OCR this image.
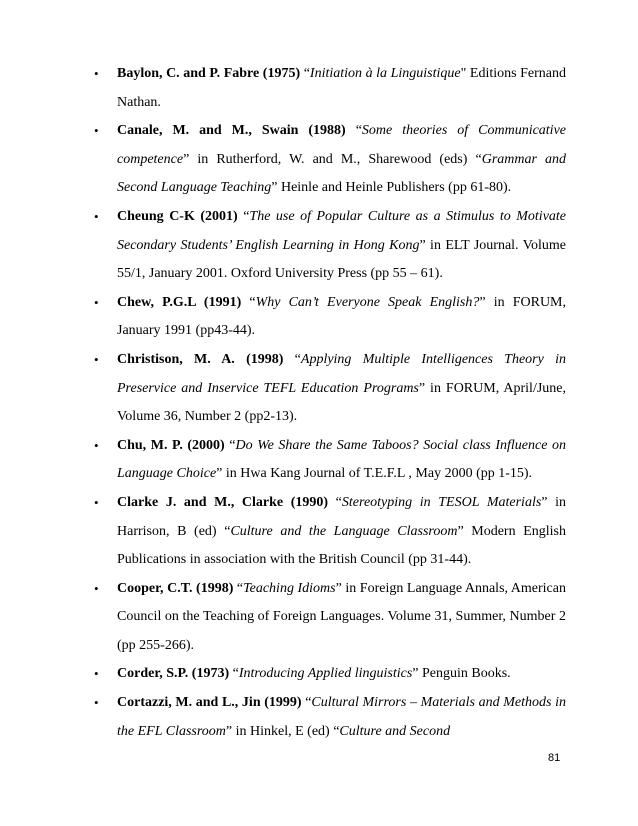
• Baylon, C. and P. Fabre (1975) “Initiation à la Linguistique" Editions Fernand Nathan.
• Canale, M. and M., Swain (1988) “Some theories of Communicative competence” in Rutherford, W. and M., Sharewood (eds) “Grammar and Second Language Teaching” Heinle and Heinle Publishers (pp 61-80).
• Cheung C-K (2001) “The use of Popular Culture as a Stimulus to Motivate Secondary Students’ English Learning in Hong Kong” in ELT Journal. Volume 55/1, January 2001. Oxford University Press (pp 55 – 61).
• Chew, P.G.L (1991) “Why Can’t Everyone Speak English?” in FORUM, January 1991 (pp43-44).
• Christison, M. A. (1998) “Applying Multiple Intelligences Theory in Preservice and Inservice TEFL Education Programs” in FORUM, April/June, Volume 36, Number 2 (pp2-13).
• Chu, M. P. (2000) “Do We Share the Same Taboos? Social class Influence on Language Choice” in Hwa Kang Journal of T.E.F.L , May 2000 (pp 1-15).
• Clarke J. and M., Clarke (1990) “Stereotyping in TESOL Materials” in Harrison, B (ed) “Culture and the Language Classroom” Modern English Publications in association with the British Council (pp 31-44).
• Cooper, C.T. (1998) “Teaching Idioms” in Foreign Language Annals, American Council on the Teaching of Foreign Languages. Volume 31, Summer, Number 2 (pp 255-266).
• Corder, S.P. (1973) “Introducing Applied linguistics” Penguin Books.
• Cortazzi, M. and L., Jin (1999) “Cultural Mirrors – Materials and Methods in the EFL Classroom” in Hinkel, E (ed) “Culture and Second
81
